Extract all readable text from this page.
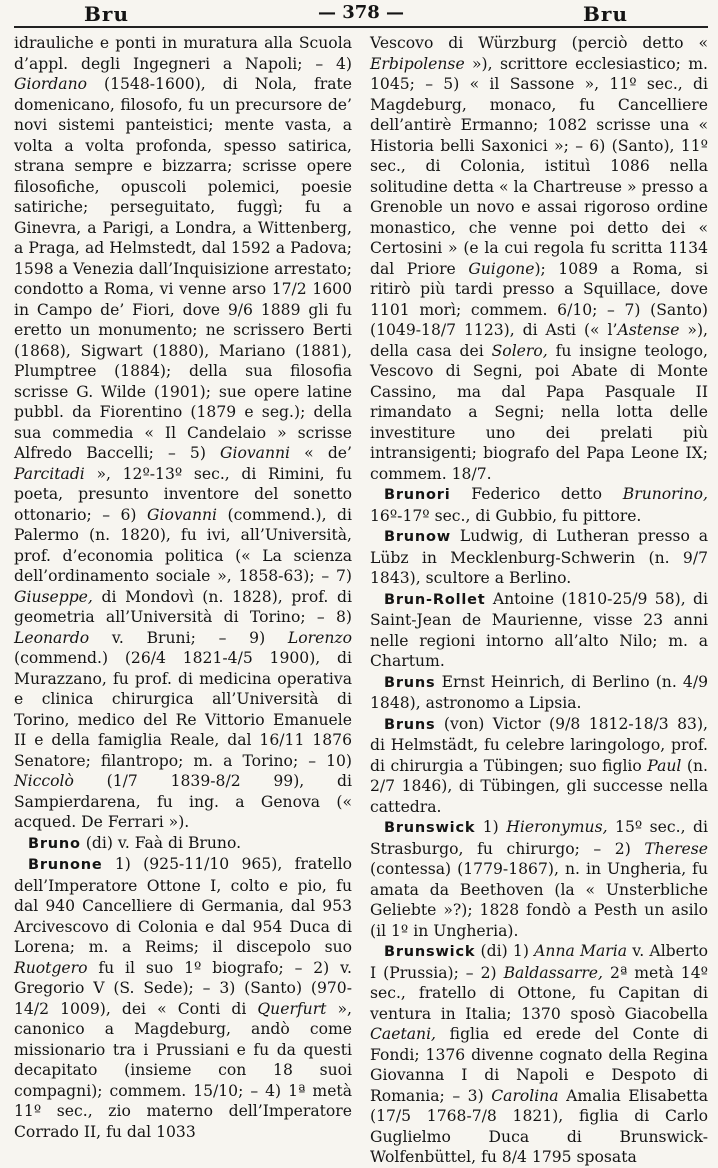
Bru	— 378 —	Bru

idrauliche e ponti in muratura alla Scuola d’appl. degli Ingegneri a Napoli; – 4) Giordano (1548-1600), di Nola, frate domenicano, filosofo, fu un precursore de’ novi sistemi panteistici; mente vasta, a volta a volta profonda, spesso satirica, strana sempre e bizzarra; scrisse opere filosofiche, opuscoli polemici, poesie satiriche; perseguitato, fuggì; fu a Ginevra, a Parigi, a Londra, a Wittenberg, a Praga, ad Helmstedt, dal 1592 a Padova; 1598 a Venezia dall’Inquisizione arrestato; condotto a Roma, vi venne arso 17/2 1600 in Campo de’ Fiori, dove 9/6 1889 gli fu eretto un monumento; ne scrissero Berti (1868), Sigwart (1880), Mariano (1881), Plumptree (1884); della sua filosofia scrisse G. Wilde (1901); sue opere latine pubbl. da Fiorentino (1879 e seg.); della sua commedia « Il Candelaio » scrisse Alfredo Baccelli; – 5) Giovanni « de’ Parcitadi », 12º-13º sec., di Rimini, fu poeta, presunto inventore del sonetto ottonario; – 6) Giovanni (commend.), di Palermo (n. 1820), fu ivi, all’Università, prof. d’economia politica (« La scienza dell’ordinamento sociale », 1858-63); – 7) Giuseppe, di Mondovì (n. 1828), prof. di geometria all’Università di Torino; – 8) Leonardo v. Bruni; – 9) Lorenzo (commend.) (26/4 1821-4/5 1900), di Murazzano, fu prof. di medicina operativa e clinica chirurgica all’Università di Torino, medico del Re Vittorio Emanuele II e della famiglia Reale, dal 16/11 1876 Senatore; filantropo; m. a Torino; – 10) Niccolò (1/7 1839-8/2 99), di Sampierdarena, fu ing. a Genova (« acqued. De Ferrari »).

Bruno (di) v. Faà di Bruno.

Brunone 1) (925-11/10 965), fratello dell’Imperatore Ottone I, colto e pio, fu dal 940 Cancelliere di Germania, dal 953 Arcivescovo di Colonia e dal 954 Duca di Lorena; m. a Reims; il discepolo suo Ruotgero fu il suo 1º biografo; – 2) v. Gregorio V (S. Sede); – 3) (Santo) (970-14/2 1009), dei « Conti di Querfurt », canonico a Magdeburg, andò come missionario tra i Prussiani e fu da questi decapitato (insieme con 18 suoi compagni); commem. 15/10; – 4) 1ª metà 11º sec., zio materno dell’Imperatore Corrado II, fu dal 1033

Vescovo di Würzburg (perciò detto « Erbipolense »), scrittore ecclesiastico; m. 1045; – 5) « il Sassone », 11º sec., di Magdeburg, monaco, fu Cancelliere dell’antirè Ermanno; 1082 scrisse una « Historia belli Saxonici »; – 6) (Santo), 11º sec., di Colonia, istituì 1086 nella solitudine detta « la Chartreuse » presso a Grenoble un novo e assai rigoroso ordine monastico, che venne poi detto dei « Certosini » (e la cui regola fu scritta 1134 dal Priore Guigone); 1089 a Roma, si ritirò più tardi presso a Squillace, dove 1101 morì; commem. 6/10; – 7) (Santo) (1049-18/7 1123), di Asti (« l’Astense »), della casa dei Solero, fu insigne teologo, Vescovo di Segni, poi Abate di Monte Cassino, ma dal Papa Pasquale II rimandato a Segni; nella lotta delle investiture uno dei prelati più intransigenti; biografo del Papa Leone IX; commem. 18/7.

Brunori Federico detto Brunorino, 16º-17º sec., di Gubbio, fu pittore.

Brunow Ludwig, di Lutheran presso a Lübz in Mecklenburg-Schwerin (n. 9/7 1843), scultore a Berlino.

Brun-Rollet Antoine (1810-25/9 58), di Saint-Jean de Maurienne, visse 23 anni nelle regioni intorno all’alto Nilo; m. a Chartum.

Bruns Ernst Heinrich, di Berlino (n. 4/9 1848), astronomo a Lipsia.

Bruns (von) Victor (9/8 1812-18/3 83), di Helmstädt, fu celebre laringologo, prof. di chirurgia a Tübingen; suo figlio Paul (n. 2/7 1846), di Tübingen, gli successe nella cattedra.

Brunswick 1) Hieronymus, 15º sec., di Strasburgo, fu chirurgo; – 2) Therese (contessa) (1779-1867), n. in Ungheria, fu amata da Beethoven (la « Unsterbliche Geliebte »?); 1828 fondò a Pesth un asilo (il 1º in Ungheria).

Brunswick (di) 1) Anna Maria v. Alberto I (Prussia); – 2) Baldassarre, 2ª metà 14º sec., fratello di Ottone, fu Capitan di ventura in Italia; 1370 sposò Giacobella Caetani, figlia ed erede del Conte di Fondi; 1376 divenne cognato della Regina Giovanna I di Napoli e Despoto di Romania; – 3) Carolina Amalia Elisabetta (17/5 1768-7/8 1821), figlia di Carlo Guglielmo Duca di Brunswick-Wolfenbüttel, fu 8/4 1795 sposata
